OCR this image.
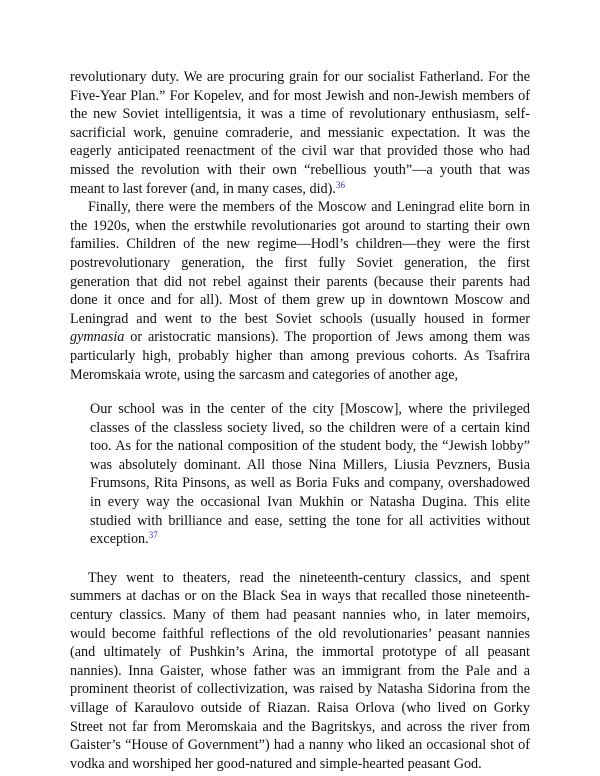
revolutionary duty. We are procuring grain for our socialist Fatherland. For the Five-Year Plan.” For Kopelev, and for most Jewish and non-Jewish members of the new Soviet intelligentsia, it was a time of revolutionary enthusiasm, self-sacrificial work, genuine comraderie, and messianic expectation. It was the eagerly anticipated reenactment of the civil war that provided those who had missed the revolution with their own “rebellious youth”—a youth that was meant to last forever (and, in many cases, did).$^{36}$

Finally, there were the members of the Moscow and Leningrad elite born in the 1920s, when the erstwhile revolutionaries got around to starting their own families. Children of the new regime—Hodl’s children—they were the first postrevolutionary generation, the first fully Soviet generation, the first generation that did not rebel against their parents (because their parents had done it once and for all). Most of them grew up in downtown Moscow and Leningrad and went to the best Soviet schools (usually housed in former gymnasia or aristocratic mansions). The proportion of Jews among them was particularly high, probably higher than among previous cohorts. As Tsafrira Meromskaia wrote, using the sarcasm and categories of another age,

Our school was in the center of the city [Moscow], where the privileged classes of the classless society lived, so the children were of a certain kind too. As for the national composition of the student body, the “Jewish lobby” was absolutely dominant. All those Nina Millers, Liusia Pevzners, Busia Frumsons, Rita Pinsons, as well as Boria Fuks and company, overshadowed in every way the occasional Ivan Mukhin or Natasha Dugina. This elite studied with brilliance and ease, setting the tone for all activities without exception.$^{37}$

They went to theaters, read the nineteenth-century classics, and spent summers at dachas or on the Black Sea in ways that recalled those nineteenth-century classics. Many of them had peasant nannies who, in later memoirs, would become faithful reflections of the old revolutionaries’ peasant nannies (and ultimately of Pushkin’s Arina, the immortal prototype of all peasant nannies). Inna Gaister, whose father was an immigrant from the Pale and a prominent theorist of collectivization, was raised by Natasha Sidorina from the village of Karaulovo outside of Riazan. Raisa Orlova (who lived on Gorky Street not far from Meromskaia and the Bagritskys, and across the river from Gaister’s “House of Government”) had a nanny who liked an occasional shot of vodka and worshiped her good-natured and simple-hearted peasant God.
